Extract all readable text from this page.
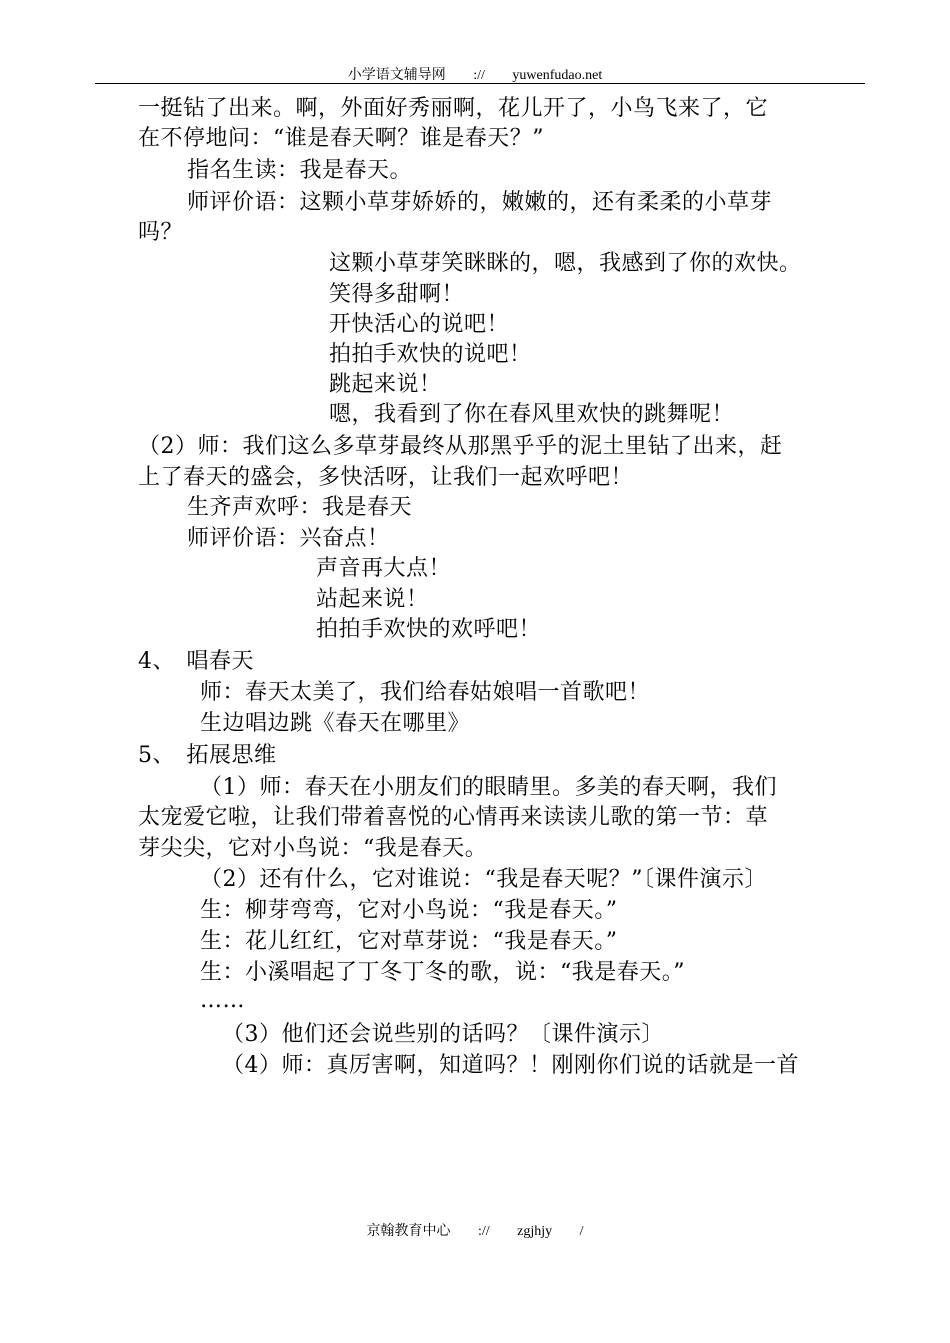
小学语文辅导网 :// yuwenfudao.net
一挺钻了出来。啊，外面好秀丽啊，花儿开了，小鸟飞来了，它
在不停地问：“谁是春天啊？谁是春天？”
指名生读：我是春天。
师评价语：这颗小草芽娇娇的，嫩嫩的，还有柔柔的小草芽
吗？
这颗小草芽笑眯眯的，嗯，我感到了你的欢快。
笑得多甜啊！
开快活心的说吧！
拍拍手欢快的说吧！
跳起来说！
嗯，我看到了你在春风里欢快的跳舞呢！
（2）师：我们这么多草芽最终从那黑乎乎的泥土里钻了出来，赶
上了春天的盛会，多快活呀，让我们一起欢呼吧！
生齐声欢呼：我是春天
师评价语：兴奋点！
声音再大点！
站起来说！
拍拍手欢快的欢呼吧！
4、　唱春天
师：春天太美了，我们给春姑娘唱一首歌吧！
生边唱边跳《春天在哪里》
5、　拓展思维
（1）师：春天在小朋友们的眼睛里。多美的春天啊，我们
太宠爱它啦，让我们带着喜悦的心情再来读读儿歌的第一节：草
芽尖尖，它对小鸟说：“我是春天。
（2）还有什么，它对谁说：“我是春天呢？”〔课件演示〕
生：柳芽弯弯，它对小鸟说：“我是春天。”
生：花儿红红，它对草芽说：“我是春天。”
生：小溪唱起了丁冬丁冬的歌，说：“我是春天。”
……
（3）他们还会说些别的话吗？〔课件演示〕
（4）师：真厉害啊，知道吗？！刚刚你们说的话就是一首
京翰教育中心 :// zgjhjy /
